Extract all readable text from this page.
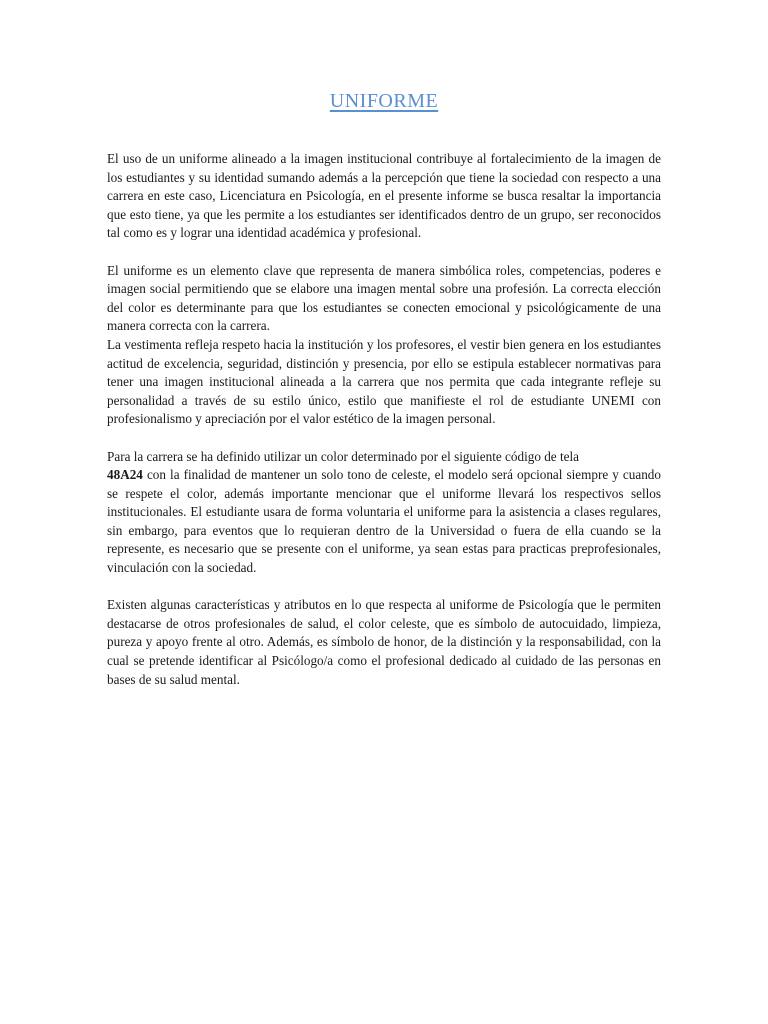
UNIFORME

El uso de un uniforme alineado a la imagen institucional contribuye al fortalecimiento de la imagen de los estudiantes y su identidad sumando además a la percepción que tiene la sociedad con respecto a una carrera en este caso, Licenciatura en Psicología, en el presente informe se busca resaltar la importancia que esto tiene, ya que les permite a los estudiantes ser identificados dentro de un grupo, ser reconocidos tal como es y lograr una identidad académica y profesional.

El uniforme es un elemento clave que representa de manera simbólica roles, competencias, poderes e imagen social permitiendo que se elabore una imagen mental sobre una profesión. La correcta elección del color es determinante para que los estudiantes se conecten emocional y psicológicamente de una manera correcta con la carrera.

La vestimenta refleja respeto hacia la institución y los profesores, el vestir bien genera en los estudiantes actitud de excelencia, seguridad, distinción y presencia, por ello se estipula establecer normativas para tener una imagen institucional alineada a la carrera que nos permita que cada integrante refleje su personalidad a través de su estilo único, estilo que manifieste el rol de estudiante UNEMI con profesionalismo y apreciación por el valor estético de la imagen personal.

Para la carrera se ha definido utilizar un color determinado por el siguiente código de tela
48A24 con la finalidad de mantener un solo tono de celeste, el modelo será opcional siempre y cuando se respete el color, además importante mencionar que el uniforme llevará los respectivos sellos institucionales. El estudiante usara de forma voluntaria el uniforme para la asistencia a clases regulares, sin embargo, para eventos que lo requieran dentro de la Universidad o fuera de ella cuando se la represente, es necesario que se presente con el uniforme, ya sean estas para practicas preprofesionales, vinculación con la sociedad.

Existen algunas características y atributos en lo que respecta al uniforme de Psicología que le permiten destacarse de otros profesionales de salud, el color celeste, que es símbolo de autocuidado, limpieza, pureza y apoyo frente al otro. Además, es símbolo de honor, de la distinción y la responsabilidad, con la cual se pretende identificar al Psicólogo/a como el profesional dedicado al cuidado de las personas en bases de su salud mental.
